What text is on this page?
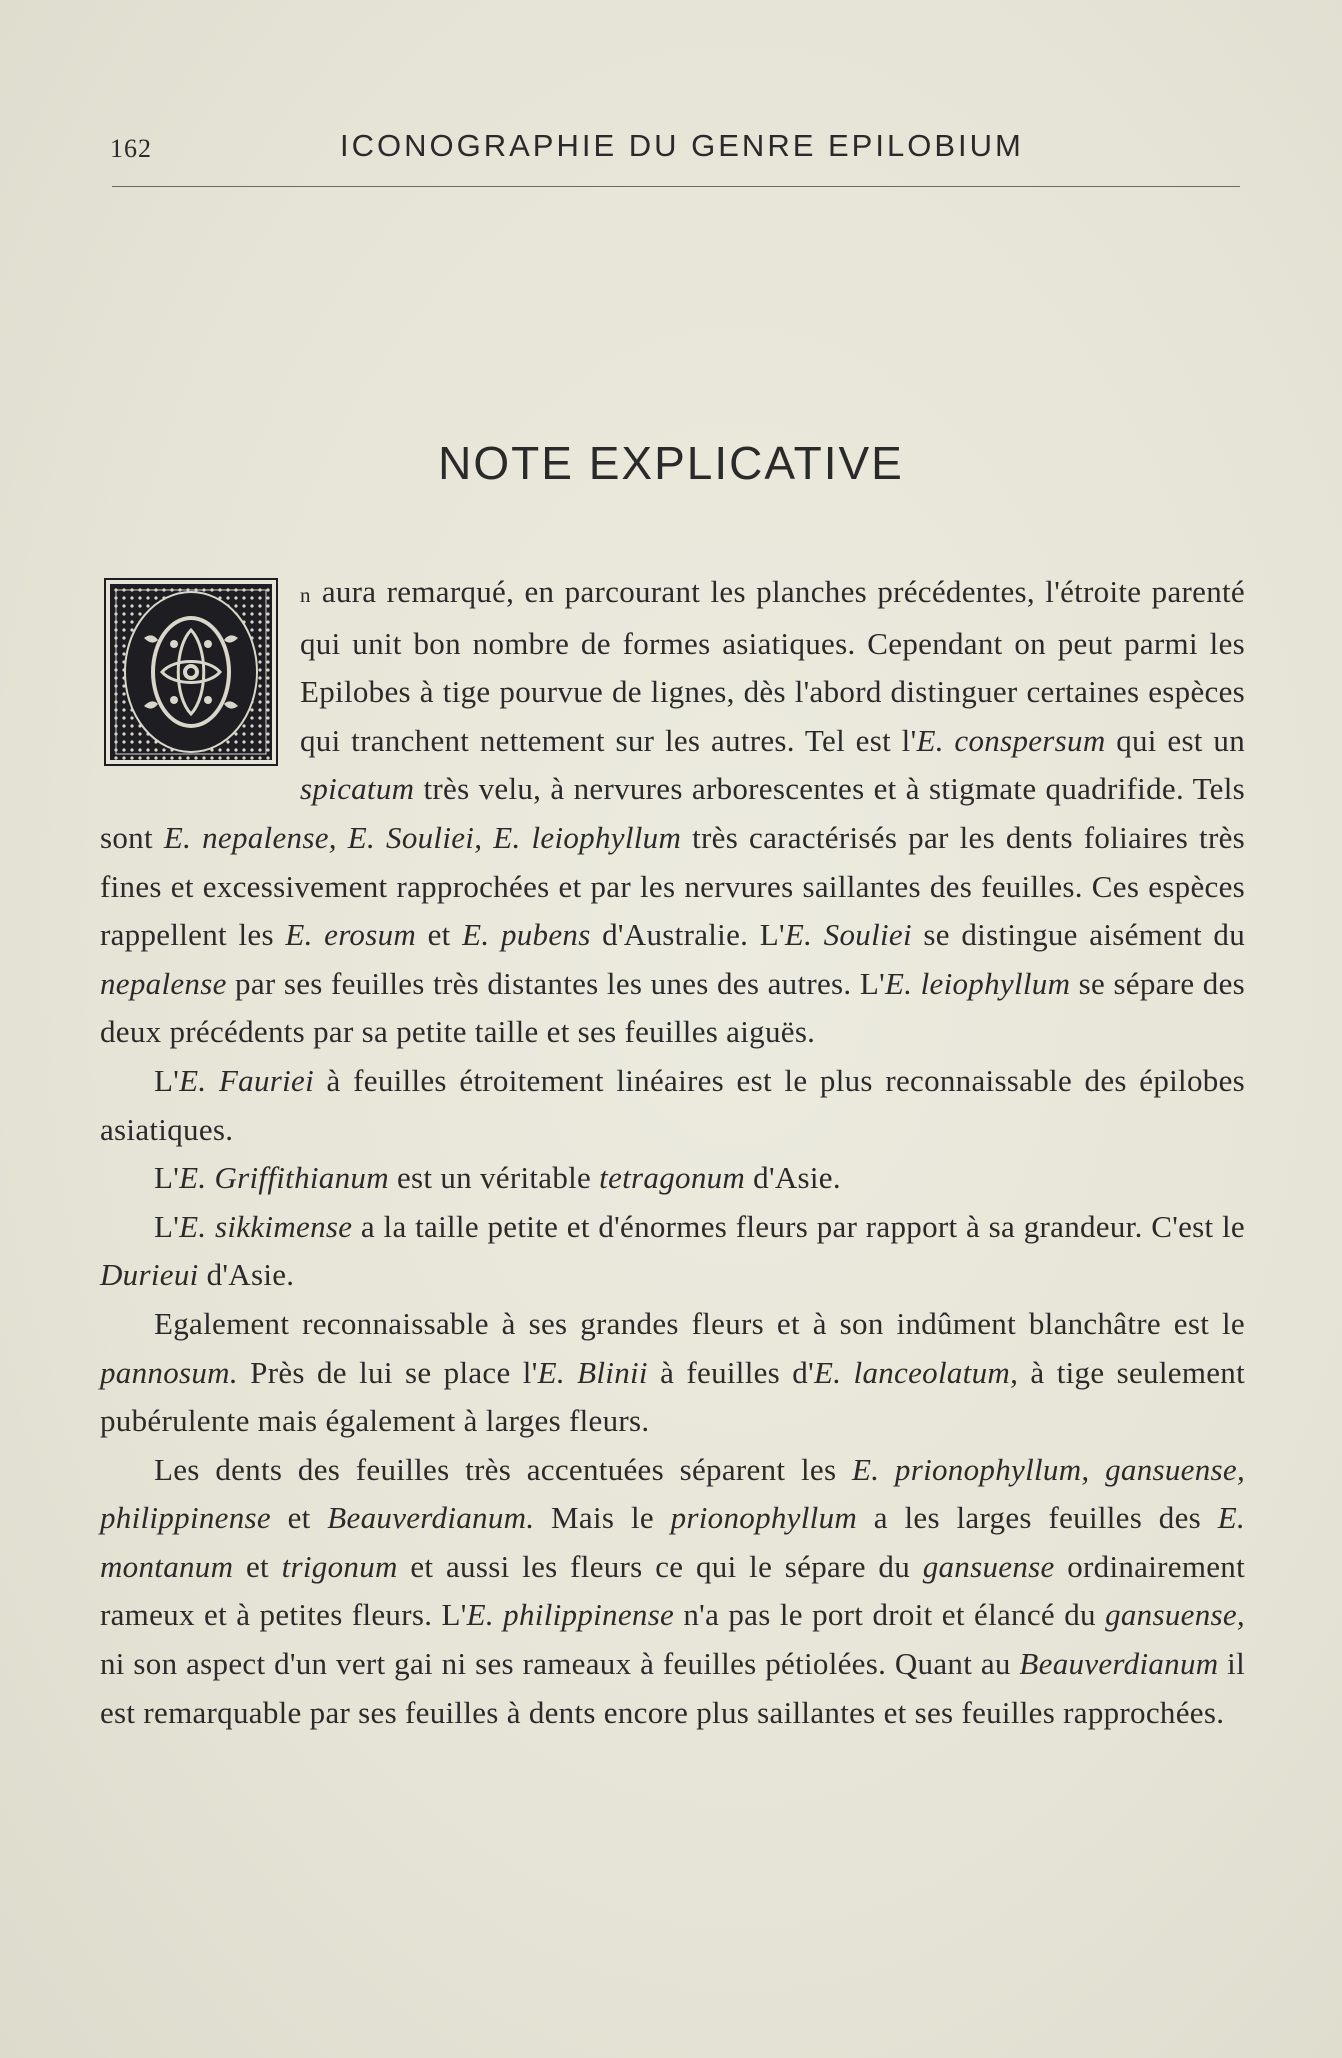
162	ICONOGRAPHIE DU GENRE EPILOBIUM
NOTE EXPLICATIVE

n aura remarqué, en parcourant les planches précédentes, l'étroite parenté qui unit bon nombre de formes asiatiques. Cependant on peut parmi les Epilobes à tige pourvue de lignes, dès l'abord distinguer certaines espèces qui tranchent nettement sur les autres. Tel est l'E. conspersum qui est un spicatum très velu, à nervures arborescentes et à stigmate quadrifide. Tels sont E. nepalense, E. Souliei, E. leiophyllum très caractérisés par les dents foliaires très fines et excessivement rapprochées et par les nervures saillantes des feuilles. Ces espèces rappellent les E. erosum et E. pubens d'Australie. L'E. Souliei se distingue aisément du nepalense par ses feuilles très distantes les unes des autres. L'E. leiophyllum se sépare des deux précédents par sa petite taille et ses feuilles aiguës.

L'E. Fauriei à feuilles étroitement linéaires est le plus reconnaissable des épilobes asiatiques.

L'E. Griffithianum est un véritable tetragonum d'Asie.

L'E. sikkimense a la taille petite et d'énormes fleurs par rapport à sa grandeur. C'est le Durieui d'Asie.

Egalement reconnaissable à ses grandes fleurs et à son indûment blanchâtre est le pannosum. Près de lui se place l'E. Blinii à feuilles d'E. lanceolatum, à tige seulement pubérulente mais également à larges fleurs.

Les dents des feuilles très accentuées séparent les E. prionophyllum, gansuense, philippinense et Beauverdianum. Mais le prionophyllum a les larges feuilles des E. montanum et trigonum et aussi les fleurs ce qui le sépare du gansuense ordinairement rameux et à petites fleurs. L'E. philippinense n'a pas le port droit et élancé du gansuense, ni son aspect d'un vert gai ni ses rameaux à feuilles pétiolées. Quant au Beauverdianum il est remarquable par ses feuilles à dents encore plus saillantes et ses feuilles rapprochées.
